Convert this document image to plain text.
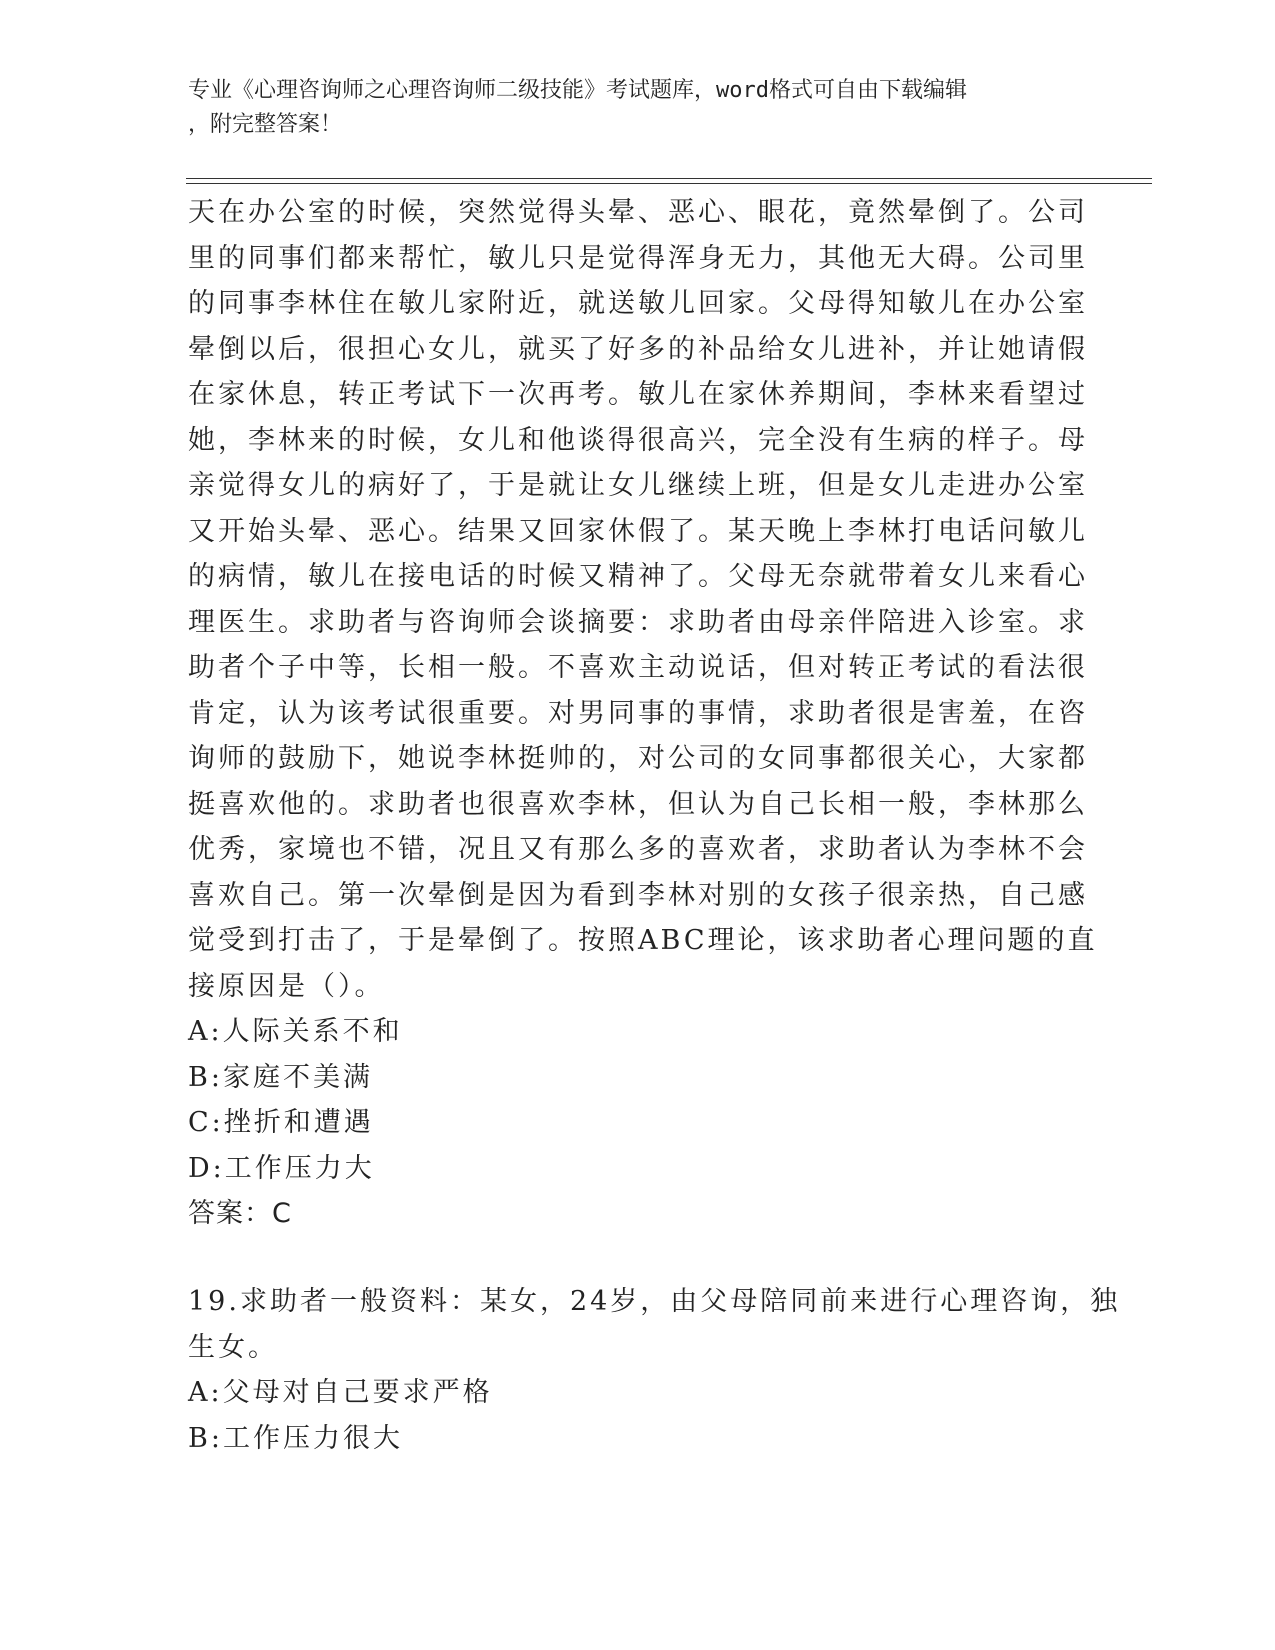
专业《心理咨询师之心理咨询师二级技能》考试题库，word格式可自由下载编辑
，附完整答案！
天在办公室的时候，突然觉得头晕、恶心、眼花，竟然晕倒了。公司
里的同事们都来帮忙，敏儿只是觉得浑身无力，其他无大碍。公司里
的同事李林住在敏儿家附近，就送敏儿回家。父母得知敏儿在办公室
晕倒以后，很担心女儿，就买了好多的补品给女儿进补，并让她请假
在家休息，转正考试下一次再考。敏儿在家休养期间，李林来看望过
她，李林来的时候，女儿和他谈得很高兴，完全没有生病的样子。母
亲觉得女儿的病好了，于是就让女儿继续上班，但是女儿走进办公室
又开始头晕、恶心。结果又回家休假了。某天晚上李林打电话问敏儿
的病情，敏儿在接电话的时候又精神了。父母无奈就带着女儿来看心
理医生。求助者与咨询师会谈摘要：求助者由母亲伴陪进入诊室。求
助者个子中等，长相一般。不喜欢主动说话，但对转正考试的看法很
肯定，认为该考试很重要。对男同事的事情，求助者很是害羞，在咨
询师的鼓励下，她说李林挺帅的，对公司的女同事都很关心，大家都
挺喜欢他的。求助者也很喜欢李林，但认为自己长相一般，李林那么
优秀，家境也不错，况且又有那么多的喜欢者，求助者认为李林不会
喜欢自己。第一次晕倒是因为看到李林对别的女孩子很亲热，自己感
觉受到打击了，于是晕倒了。按照ABC理论，该求助者心理问题的直
接原因是（）。
A:人际关系不和
B:家庭不美满
C:挫折和遭遇
D:工作压力大
答案：C
19.求助者一般资料：某女，24岁，由父母陪同前来进行心理咨询，独
生女。
A:父母对自己要求严格
B:工作压力很大
